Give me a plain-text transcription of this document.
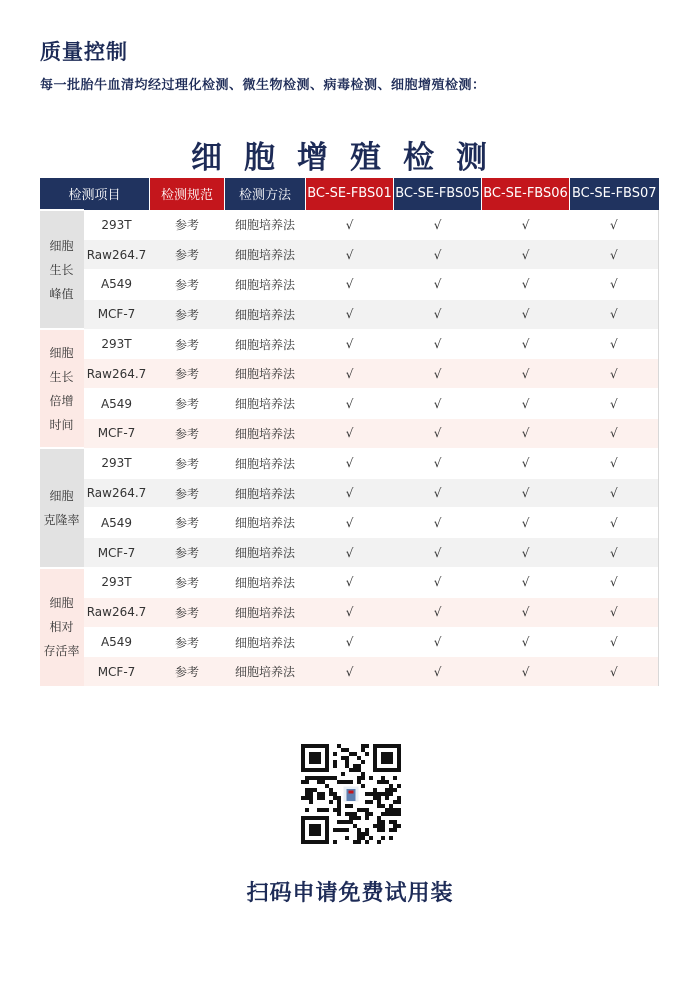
质量控制
每一批胎牛血清均经过理化检测、微生物检测、病毒检测、细胞增殖检测：
细胞增殖检测
检测项目		检测规范	检测方法	BC-SE-FBS01	BC-SE-FBS05	BC-SE-FBS06	BC-SE-FBS07
细胞
生长
峰值	293T	参考	细胞培养法	√	√	√	√
	Raw264.7	参考	细胞培养法	√	√	√	√
	A549	参考	细胞培养法	√	√	√	√
	MCF-7	参考	细胞培养法	√	√	√	√
细胞
生长
倍增
时间	293T	参考	细胞培养法	√	√	√	√
	Raw264.7	参考	细胞培养法	√	√	√	√
	A549	参考	细胞培养法	√	√	√	√
	MCF-7	参考	细胞培养法	√	√	√	√
细胞
克隆率	293T	参考	细胞培养法	√	√	√	√
	Raw264.7	参考	细胞培养法	√	√	√	√
	A549	参考	细胞培养法	√	√	√	√
	MCF-7	参考	细胞培养法	√	√	√	√
细胞
相对
存活率	293T	参考	细胞培养法	√	√	√	√
	Raw264.7	参考	细胞培养法	√	√	√	√
	A549	参考	细胞培养法	√	√	√	√
	MCF-7	参考	细胞培养法	√	√	√	√
扫码申请免费试用装
